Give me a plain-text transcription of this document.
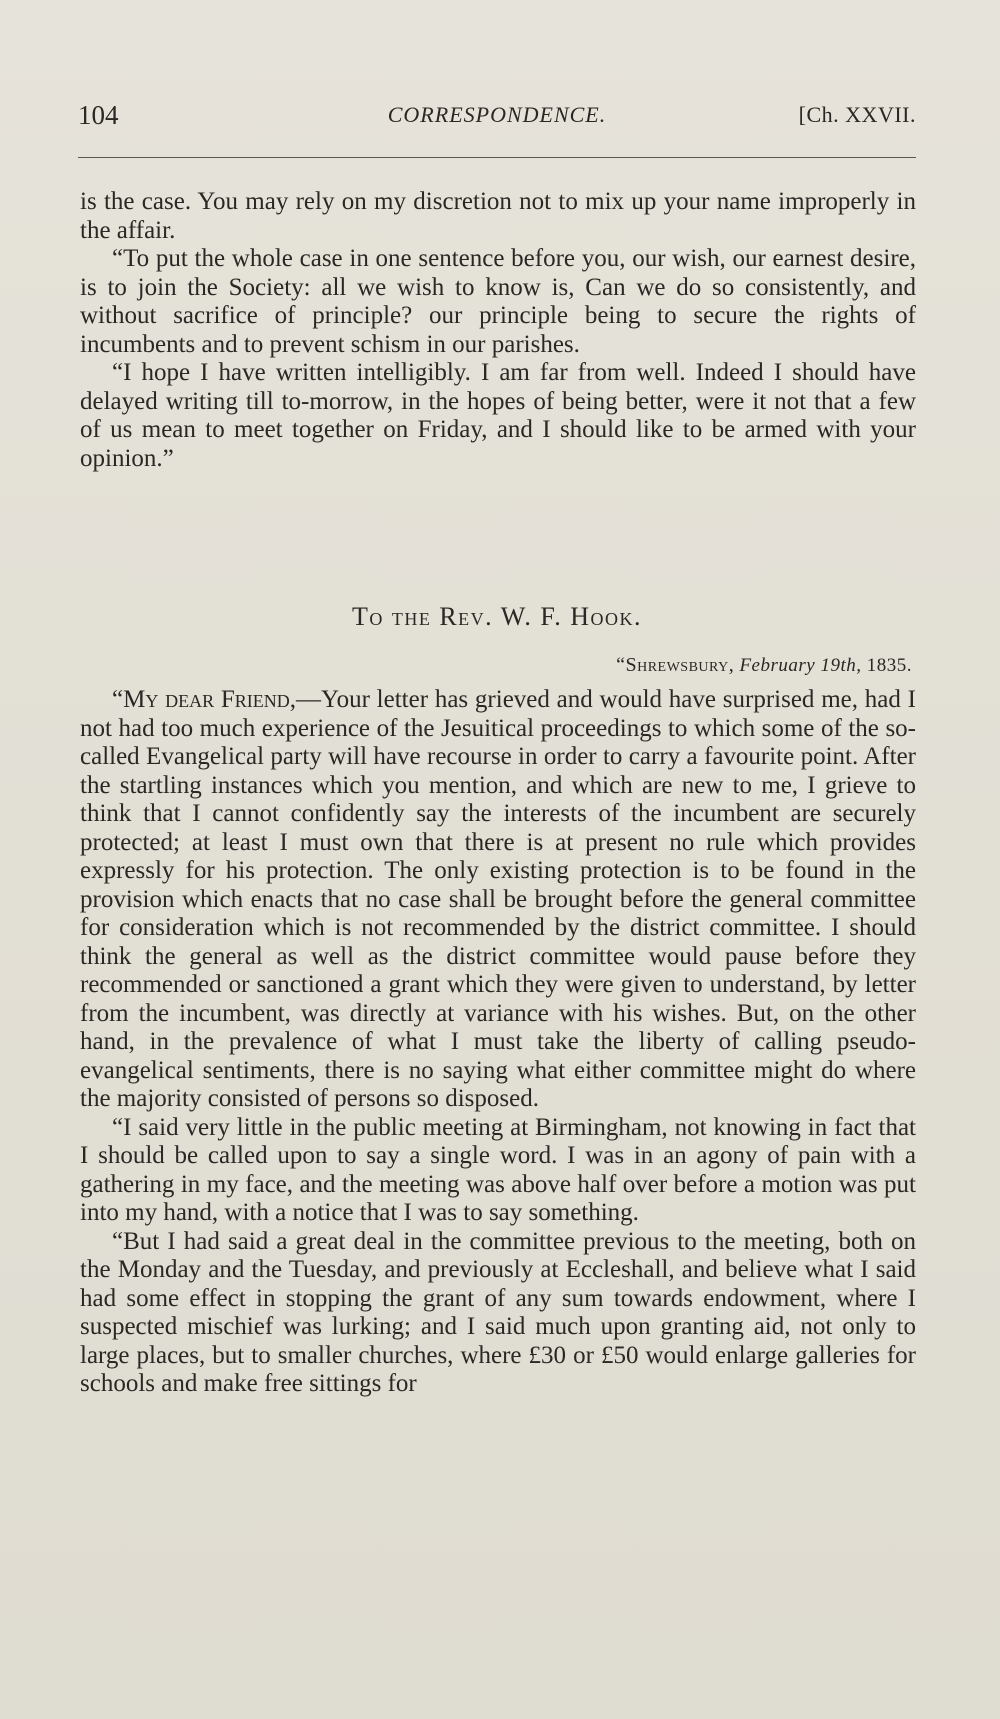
104	CORRESPONDENCE.	[Ch. XXVII.

is the case. You may rely on my discretion not to mix up your name improperly in the affair.

“To put the whole case in one sentence before you, our wish, our earnest desire, is to join the Society: all we wish to know is, Can we do so consistently, and without sacrifice of principle? our principle being to secure the rights of incumbents and to prevent schism in our parishes.

“I hope I have written intelligibly. I am far from well. Indeed I should have delayed writing till to-morrow, in the hopes of being better, were it not that a few of us mean to meet together on Friday, and I should like to be armed with your opinion.”

To the Rev. W. F. Hook.
“Shrewsbury, February 19th, 1835.

“My dear Friend,—Your letter has grieved and would have surprised me, had I not had too much experience of the Jesuitical proceedings to which some of the so-called Evangelical party will have recourse in order to carry a favourite point. After the startling instances which you mention, and which are new to me, I grieve to think that I cannot confidently say the interests of the incumbent are securely protected; at least I must own that there is at present no rule which provides expressly for his protection. The only existing protection is to be found in the provision which enacts that no case shall be brought before the general committee for consideration which is not recommended by the district committee. I should think the general as well as the district committee would pause before they recommended or sanctioned a grant which they were given to understand, by letter from the incumbent, was directly at variance with his wishes. But, on the other hand, in the prevalence of what I must take the liberty of calling pseudo-evangelical sentiments, there is no saying what either committee might do where the majority consisted of persons so disposed.

“I said very little in the public meeting at Birmingham, not knowing in fact that I should be called upon to say a single word. I was in an agony of pain with a gathering in my face, and the meeting was above half over before a motion was put into my hand, with a notice that I was to say something.

“But I had said a great deal in the committee previous to the meeting, both on the Monday and the Tuesday, and previously at Eccleshall, and believe what I said had some effect in stopping the grant of any sum towards endowment, where I suspected mischief was lurking; and I said much upon granting aid, not only to large places, but to smaller churches, where £30 or £50 would enlarge galleries for schools and make free sittings for
